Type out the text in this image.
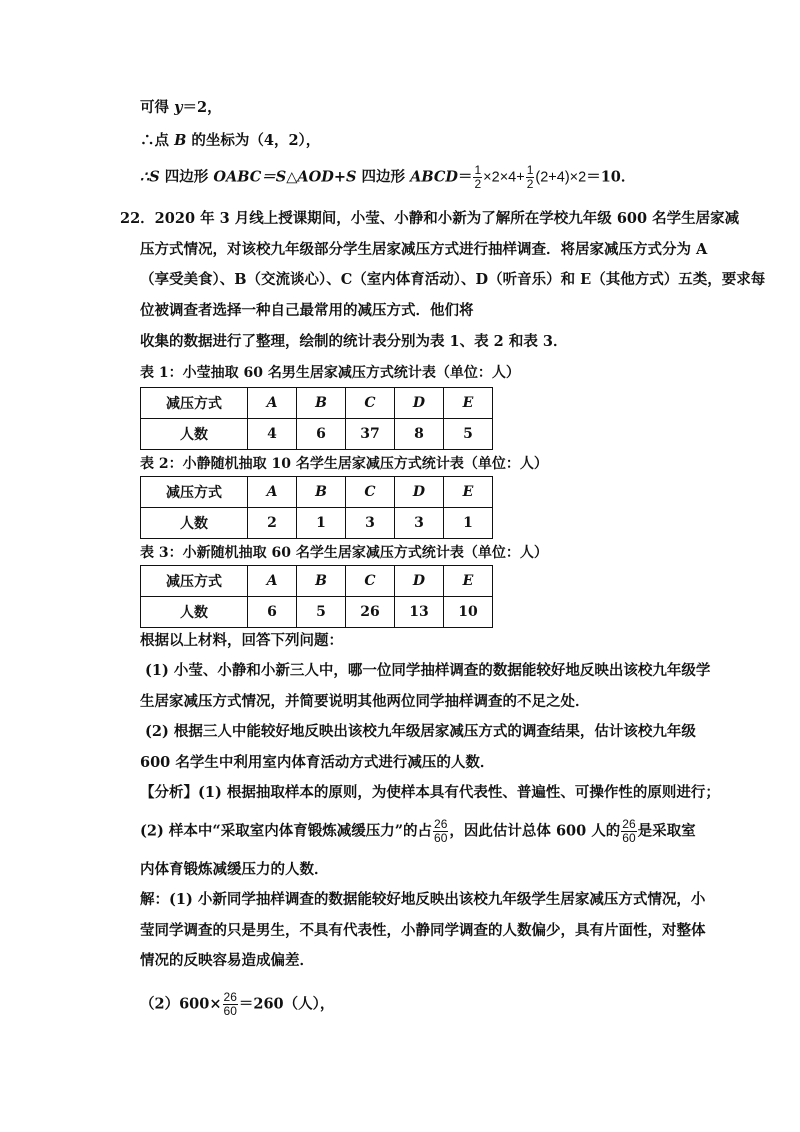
可得 y＝2，
∴点 B 的坐标为（4，2），
∴S 四边形 OABC＝S△AOD+S 四边形 ABCD＝ $\frac{1}{2} \times 2\times 4+ \frac{1}{2} (2+4)\times 2=10$．
22．2020 年 3 月线上授课期间，小莹、小静和小新为了解所在学校九年级 600 名学生居家减
压方式情况，对该校九年级部分学生居家减压方式进行抽样调查．将居家减压方式分为 A
（享受美食）、B（交流谈心）、C（室内体育活动）、D（听音乐）和 E（其他方式）五类，要求每
位被调查者选择一种自己最常用的减压方式．他们将
收集的数据进行了整理，绘制的统计表分别为表 1、表 2 和表 3．
表 1：小莹抽取 60 名男生居家减压方式统计表（单位：人）
减压方式	A	B	C	D	E
人数	4	6	37	8	5
表 2：小静随机抽取 10 名学生居家减压方式统计表（单位：人）
减压方式	A	B	C	D	E
人数	2	1	3	3	1
表 3：小新随机抽取 60 名学生居家减压方式统计表（单位：人）
减压方式	A	B	C	D	E
人数	6	5	26	13	10
根据以上材料，回答下列问题：
(1) 小莹、小静和小新三人中，哪一位同学抽样调查的数据能较好地反映出该校九年级学
生居家减压方式情况，并简要说明其他两位同学抽样调查的不足之处．
(2) 根据三人中能较好地反映出该校九年级居家减压方式的调查结果，估计该校九年级
600 名学生中利用室内体育活动方式进行减压的人数．
【分析】(1) 根据抽取样本的原则，为使样本具有代表性、普遍性、可操作性的原则进行；
(2) 样本中“采取室内体育锻炼减缓压力”的占 $\frac{26}{60}$ ，因此估计总体 600 人的 $\frac{26}{60}$ 是采取室
内体育锻炼减缓压力的人数．
解：(1) 小新同学抽样调查的数据能较好地反映出该校九年级学生居家减压方式情况，小
莹同学调查的只是男生，不具有代表性，小静同学调查的人数偏少，具有片面性，对整体
情况的反映容易造成偏差．
$(2)600\times \frac{26}{60} =260$（人），
